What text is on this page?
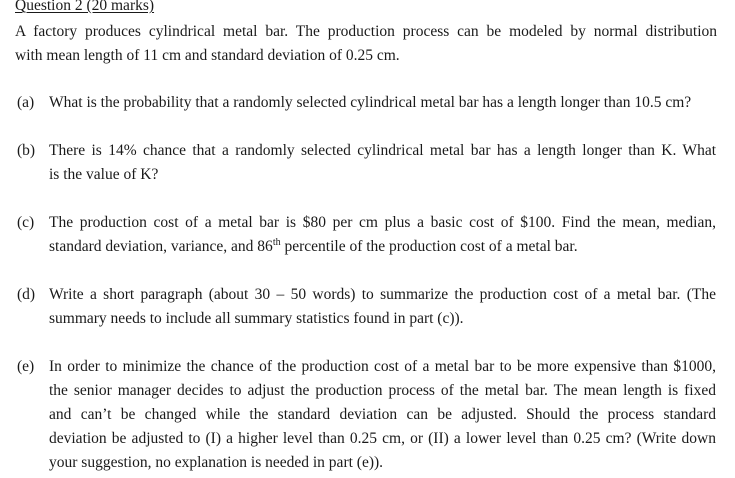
Question 2 (20 marks)
A factory produces cylindrical metal bar. The production process can be modeled by normal distribution
with mean length of 11 cm and standard deviation of 0.25 cm.
(a) What is the probability that a randomly selected cylindrical metal bar has a length longer than 10.5 cm?
(b) There is 14% chance that a randomly selected cylindrical metal bar has a length longer than K. What
is the value of K?
(c) The production cost of a metal bar is $80 per cm plus a basic cost of $100. Find the mean, median,
standard deviation, variance, and 86th percentile of the production cost of a metal bar.
(d) Write a short paragraph (about 30 – 50 words) to summarize the production cost of a metal bar. (The
summary needs to include all summary statistics found in part (c)).
(e) In order to minimize the chance of the production cost of a metal bar to be more expensive than $1000,
the senior manager decides to adjust the production process of the metal bar. The mean length is fixed
and can’t be changed while the standard deviation can be adjusted. Should the process standard
deviation be adjusted to (I) a higher level than 0.25 cm, or (II) a lower level than 0.25 cm? (Write down
your suggestion, no explanation is needed in part (e)).
